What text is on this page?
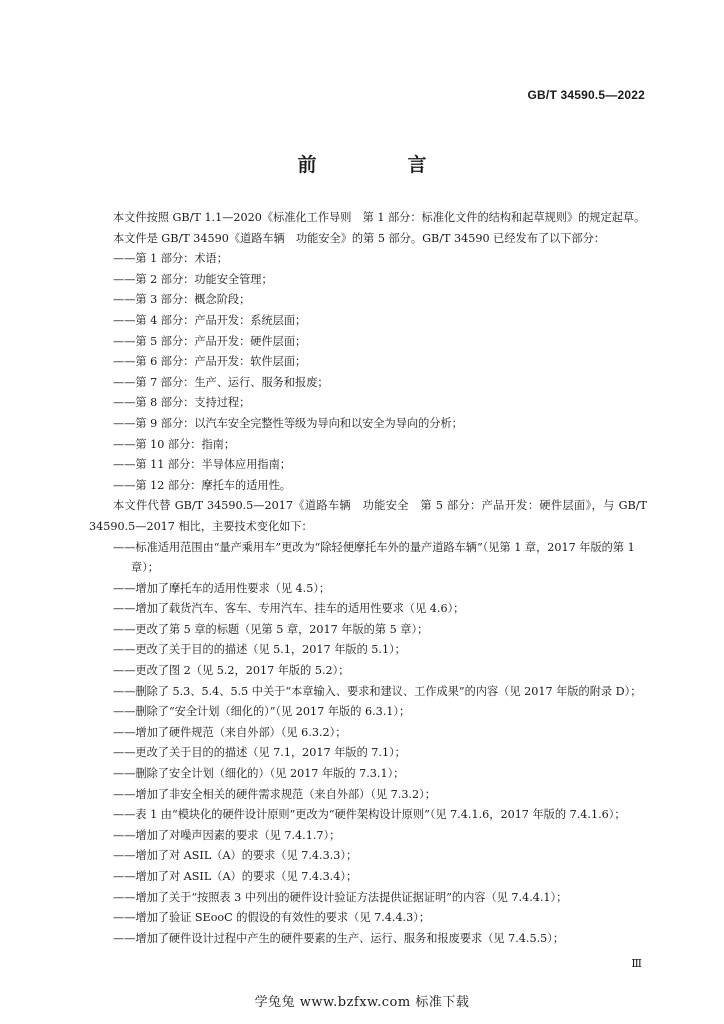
GB/T 34590.5—2022
前　言

本文件按照 GB/T 1.1—2020《标准化工作导则　第 1 部分：标准化文件的结构和起草规则》的规定起草。

本文件是 GB/T 34590《道路车辆　功能安全》的第 5 部分。GB/T 34590 已经发布了以下部分：

——第 1 部分：术语；

——第 2 部分：功能安全管理；

——第 3 部分：概念阶段；

——第 4 部分：产品开发：系统层面；

——第 5 部分：产品开发：硬件层面；

——第 6 部分：产品开发：软件层面；

——第 7 部分：生产、运行、服务和报废；

——第 8 部分：支持过程；

——第 9 部分：以汽车安全完整性等级为导向和以安全为导向的分析；

——第 10 部分：指南；

——第 11 部分：半导体应用指南；

——第 12 部分：摩托车的适用性。

本文件代替 GB/T 34590.5—2017《道路车辆　功能安全　第 5 部分：产品开发：硬件层面》，与 GB/T 34590.5—2017 相比，主要技术变化如下：

——标准适用范围由“量产乘用车”更改为“除轻便摩托车外的量产道路车辆”（见第 1 章，2017 年版的第 1 章）；

——增加了摩托车的适用性要求（见 4.5）；

——增加了载货汽车、客车、专用汽车、挂车的适用性要求（见 4.6）；

——更改了第 5 章的标题（见第 5 章，2017 年版的第 5 章）；

——更改了关于目的的描述（见 5.1，2017 年版的 5.1）；

——更改了图 2（见 5.2，2017 年版的 5.2）；

——删除了 5.3、5.4、5.5 中关于“本章输入、要求和建议、工作成果”的内容（见 2017 年版的附录 D）；

——删除了“安全计划（细化的）”（见 2017 年版的 6.3.1）；

——增加了硬件规范（来自外部）（见 6.3.2）；

——更改了关于目的的描述（见 7.1，2017 年版的 7.1）；

——删除了安全计划（细化的）（见 2017 年版的 7.3.1）；

——增加了非安全相关的硬件需求规范（来自外部）（见 7.3.2）；

——表 1 由“模块化的硬件设计原则”更改为“硬件架构设计原则”（见 7.4.1.6，2017 年版的 7.4.1.6）；

——增加了对噪声因素的要求（见 7.4.1.7）；

——增加了对 ASIL（A）的要求（见 7.4.3.3）；

——增加了对 ASIL（A）的要求（见 7.4.3.4）；

——增加了关于“按照表 3 中列出的硬件设计验证方法提供证据证明”的内容（见 7.4.4.1）；

——增加了验证 SEooC 的假设的有效性的要求（见 7.4.4.3）；

——增加了硬件设计过程中产生的硬件要素的生产、运行、服务和报废要求（见 7.4.5.5）；

Ⅲ
学兔兔 www.bzfxw.com 标准下载
